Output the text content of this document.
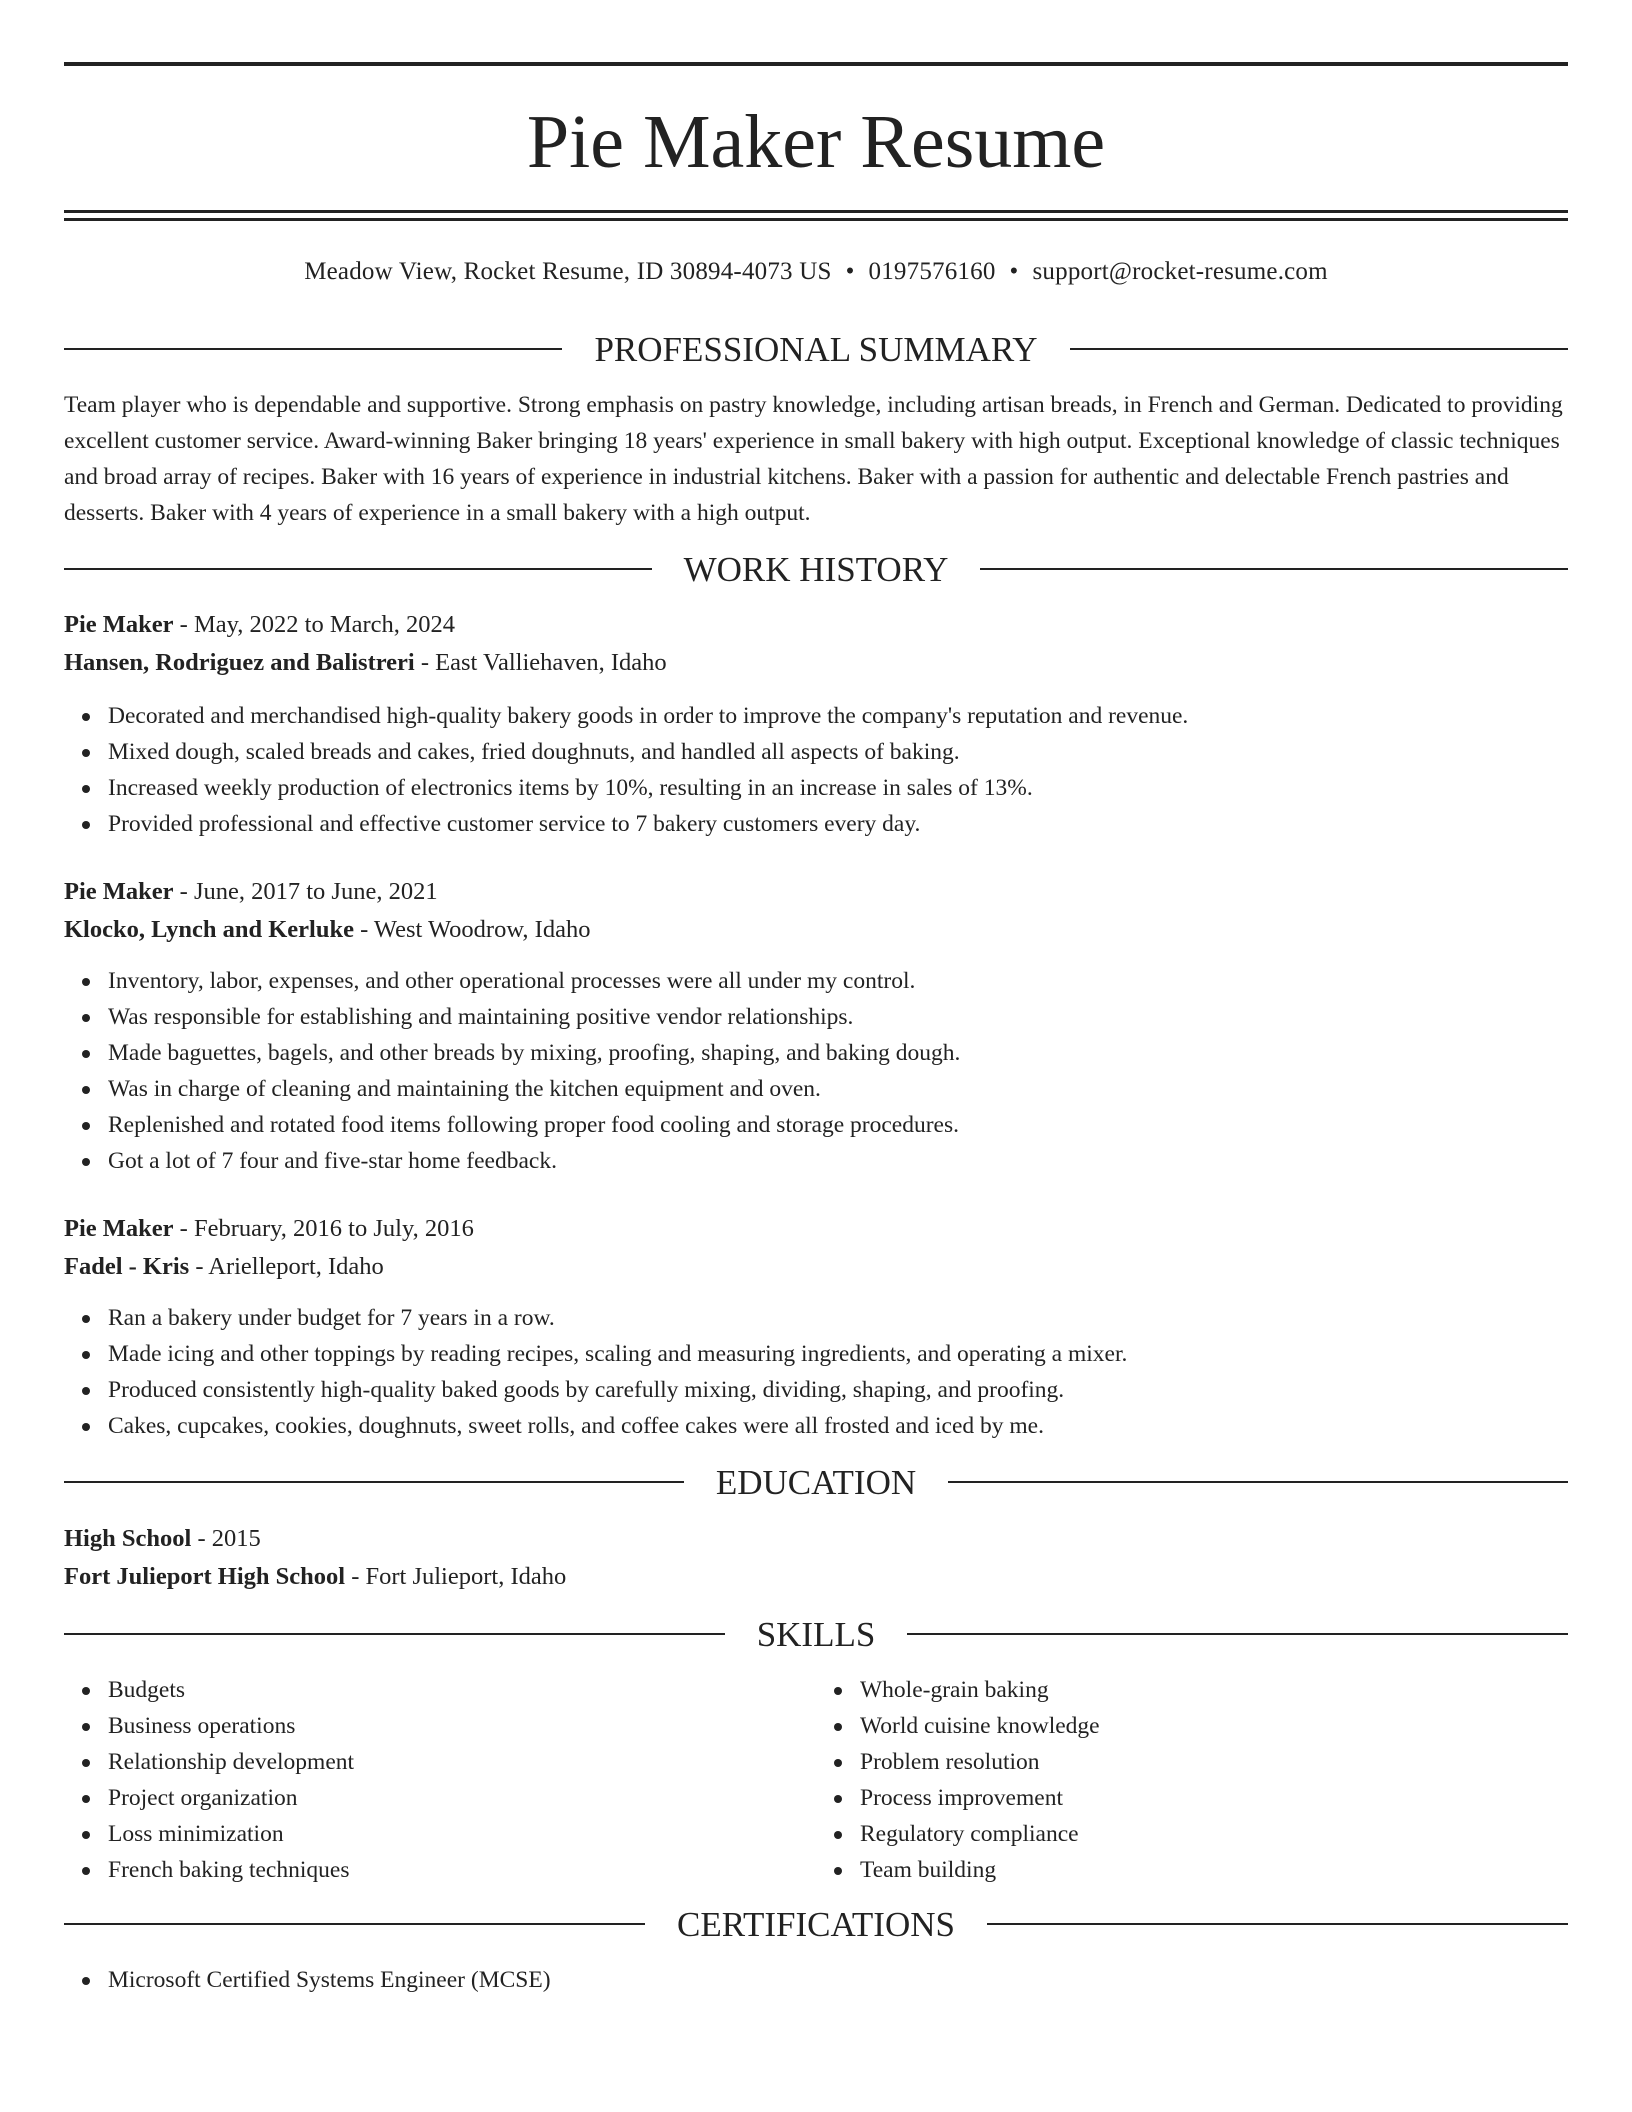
Pie Maker Resume
Meadow View, Rocket Resume, ID 30894-4073 US • 0197576160 • support@rocket-resume.com
PROFESSIONAL SUMMARY

Team player who is dependable and supportive. Strong emphasis on pastry knowledge, including artisan breads, in French and German. Dedicated to providing excellent customer service. Award-winning Baker bringing 18 years' experience in small bakery with high output. Exceptional knowledge of classic techniques and broad array of recipes. Baker with 16 years of experience in industrial kitchens. Baker with a passion for authentic and delectable French pastries and desserts. Baker with 4 years of experience in a small bakery with a high output.

WORK HISTORY

Pie Maker - May, 2022 to March, 2024

Hansen, Rodriguez and Balistreri - East Valliehaven, Idaho

Decorated and merchandised high-quality bakery goods in order to improve the company's reputation and revenue.
Mixed dough, scaled breads and cakes, fried doughnuts, and handled all aspects of baking.
Increased weekly production of electronics items by 10%, resulting in an increase in sales of 13%.
Provided professional and effective customer service to 7 bakery customers every day.

Pie Maker - June, 2017 to June, 2021

Klocko, Lynch and Kerluke - West Woodrow, Idaho

Inventory, labor, expenses, and other operational processes were all under my control.
Was responsible for establishing and maintaining positive vendor relationships.
Made baguettes, bagels, and other breads by mixing, proofing, shaping, and baking dough.
Was in charge of cleaning and maintaining the kitchen equipment and oven.
Replenished and rotated food items following proper food cooling and storage procedures.
Got a lot of 7 four and five-star home feedback.

Pie Maker - February, 2016 to July, 2016

Fadel - Kris - Arielleport, Idaho

Ran a bakery under budget for 7 years in a row.
Made icing and other toppings by reading recipes, scaling and measuring ingredients, and operating a mixer.
Produced consistently high-quality baked goods by carefully mixing, dividing, shaping, and proofing.
Cakes, cupcakes, cookies, doughnuts, sweet rolls, and coffee cakes were all frosted and iced by me.
EDUCATION

High School - 2015

Fort Julieport High School - Fort Julieport, Idaho

SKILLS
Budgets
Business operations
Relationship development
Project organization
Loss minimization
French baking techniques
Whole-grain baking
World cuisine knowledge
Problem resolution
Process improvement
Regulatory compliance
Team building
CERTIFICATIONS
Microsoft Certified Systems Engineer (MCSE)
